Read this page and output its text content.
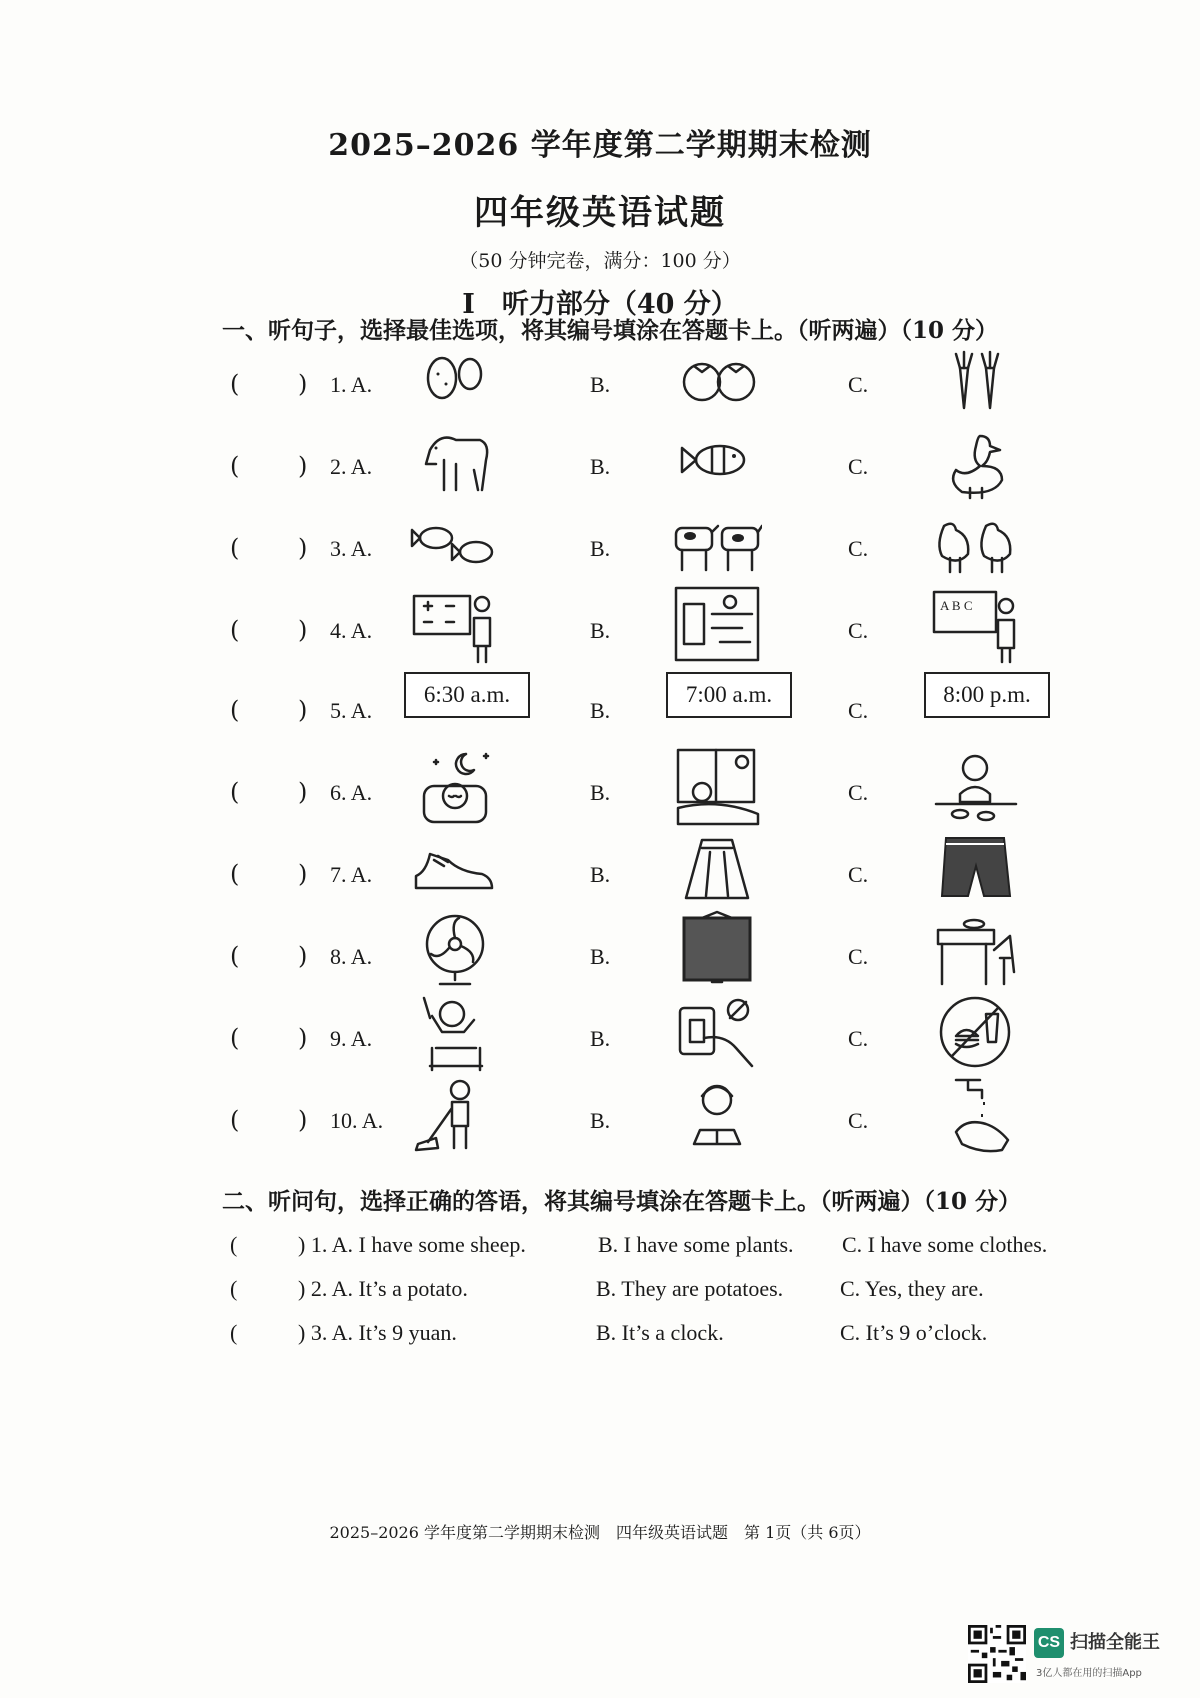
2025–2026 学年度第二学期期末检测
四年级英语试题
（50 分钟完卷，满分：100 分）
I　听力部分（40 分）
一、听句子，选择最佳选项，将其编号填涂在答题卡上。（听两遍）（10 分）
( ) 1. A.	B.	C.
( ) 2. A.	B.	C.
( ) 3. A.	B.	C.
( ) 4. A.	B.	C.
A B C
( ) 5. A.	B.	C.
6:30 a.m.	7:00 a.m.	8:00 p.m.
( ) 6. A.	B.	C.
( ) 7. A.	B.	C.
( ) 8. A.	B.	C.
( ) 9. A.	B.	C.
( ) 10. A.	B.	C.
二、听问句，选择正确的答语，将其编号填涂在答题卡上。（听两遍）（10 分）
(	) 1. A. I have some sheep.	B. I have some plants. C. I have some clothes.
(	) 2. A. It’s a potato.	B. They are potatoes.	C. Yes, they are.
(	) 3. A. It’s 9 yuan.	B. It’s a clock.	C. It’s 9 o’clock.
2025–2026 学年度第二学期期末检测　四年级英语试题　第 1页（共 6页）
CS 扫描全能王
3亿人都在用的扫描App
